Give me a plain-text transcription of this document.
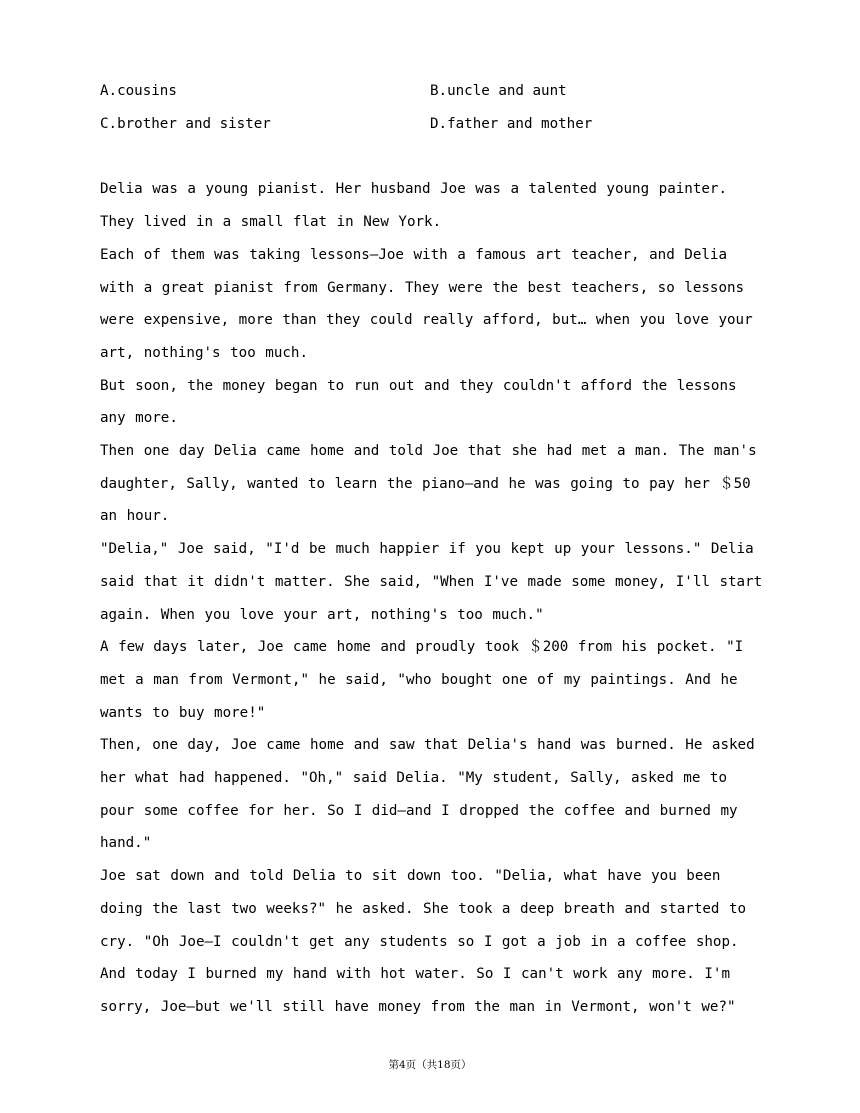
A.cousins	B.uncle and aunt
C.brother and sister	D.father and mother

Delia was a young pianist. Her husband Joe was a talented young painter. They lived in a small flat in New York.

Each of them was taking lessons—Joe with a famous art teacher, and Delia with a great pianist from Germany. They were the best teachers, so lessons were expensive, more than they could really afford, but… when you love your art, nothing's too much.

But soon, the money began to run out and they couldn't afford the lessons any more.

Then one day Delia came home and told Joe that she had met a man. The man's daughter, Sally, wanted to learn the piano—and he was going to pay her ＄50 an hour.

"Delia," Joe said, "I'd be much happier if you kept up your lessons." Delia said that it didn't matter. She said, "When I've made some money, I'll start again. When you love your art, nothing's too much."

A few days later, Joe came home and proudly took ＄200 from his pocket. "I met a man from Vermont," he said, "who bought one of my paintings. And he wants to buy more!"

Then, one day, Joe came home and saw that Delia's hand was burned. He asked her what had happened. "Oh," said Delia. "My student, Sally, asked me to pour some coffee for her. So I did—and I dropped the coffee and burned my hand."

Joe sat down and told Delia to sit down too. "Delia, what have you been doing the last two weeks?" he asked. She took a deep breath and started to cry. "Oh Joe—I couldn't get any students so I got a job in a coffee shop. And today I burned my hand with hot water. So I can't work any more. I'm sorry, Joe—but we'll still have money from the man in Vermont, won't we?"

第4页（共18页）
